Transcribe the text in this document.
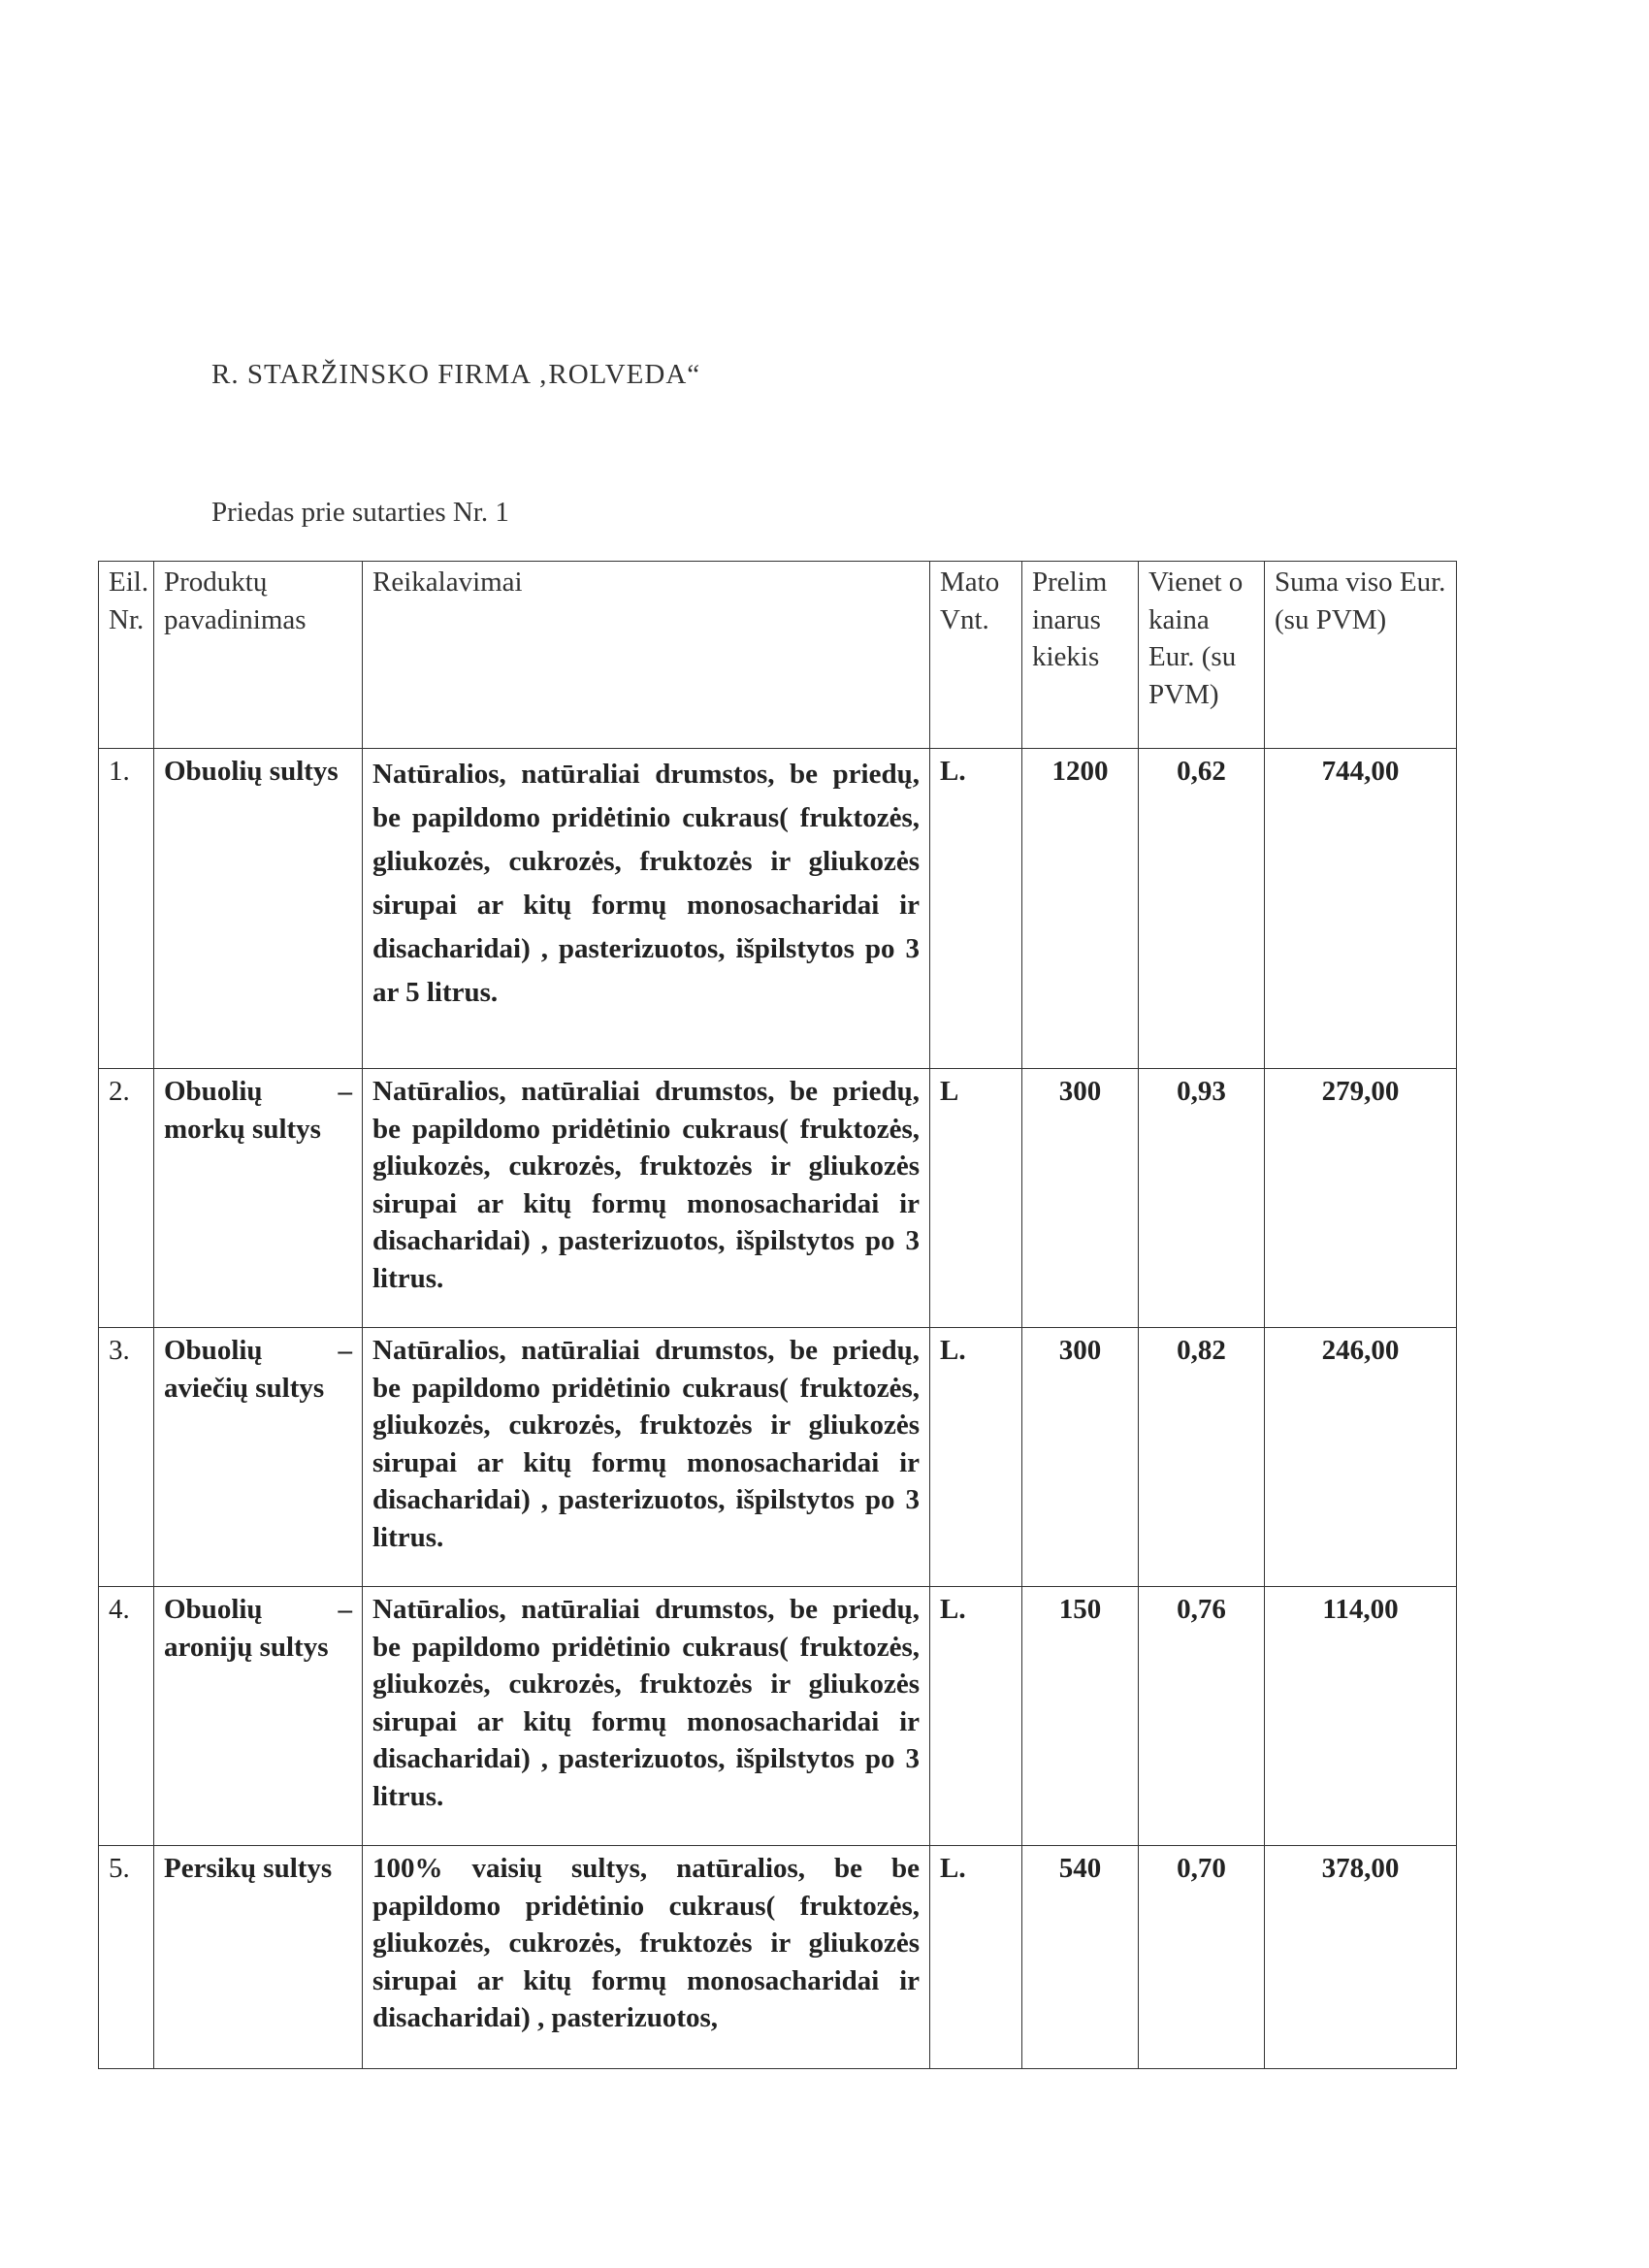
R. STARŽINSKO FIRMA ‚ROLVEDA“
Priedas prie sutarties Nr. 1
Eil. Nr.	Produktų pavadinimas	Reikalavimai	Mato Vnt.	Prelim inarus kiekis	Vienet o kaina Eur. (su PVM)	Suma viso Eur. (su PVM)
1.	Obuolių sultys	Natūralios, natūraliai drumstos, be priedų, be papildomo pridėtinio cukraus( fruktozės, gliukozės, cukrozės, fruktozės ir gliukozės sirupai ar kitų formų monosacharidai ir disacharidai) , pasterizuotos, išpilstytos po 3 ar 5 litrus.	L.	1200	0,62	744,00
2.	Obuolių – morkų sultys	Natūralios, natūraliai drumstos, be priedų, be papildomo pridėtinio cukraus( fruktozės, gliukozės, cukrozės, fruktozės ir gliukozės sirupai ar kitų formų monosacharidai ir disacharidai) , pasterizuotos, išpilstytos po 3 litrus.	L	300	0,93	279,00
3.	Obuolių – aviečių sultys	Natūralios, natūraliai drumstos, be priedų, be papildomo pridėtinio cukraus( fruktozės, gliukozės, cukrozės, fruktozės ir gliukozės sirupai ar kitų formų monosacharidai ir disacharidai) , pasterizuotos, išpilstytos po 3 litrus.	L.	300	0,82	246,00
4.	Obuolių – aronijų sultys	Natūralios, natūraliai drumstos, be priedų, be papildomo pridėtinio cukraus( fruktozės, gliukozės, cukrozės, fruktozės ir gliukozės sirupai ar kitų formų monosacharidai ir disacharidai) , pasterizuotos, išpilstytos po 3 litrus.	L.	150	0,76	114,00
5.	Persikų sultys	100% vaisių sultys, natūralios, be be papildomo pridėtinio cukraus( fruktozės, gliukozės, cukrozės, fruktozės ir gliukozės sirupai ar kitų formų monosacharidai ir disacharidai) , pasterizuotos,	L.	540	0,70	378,00
